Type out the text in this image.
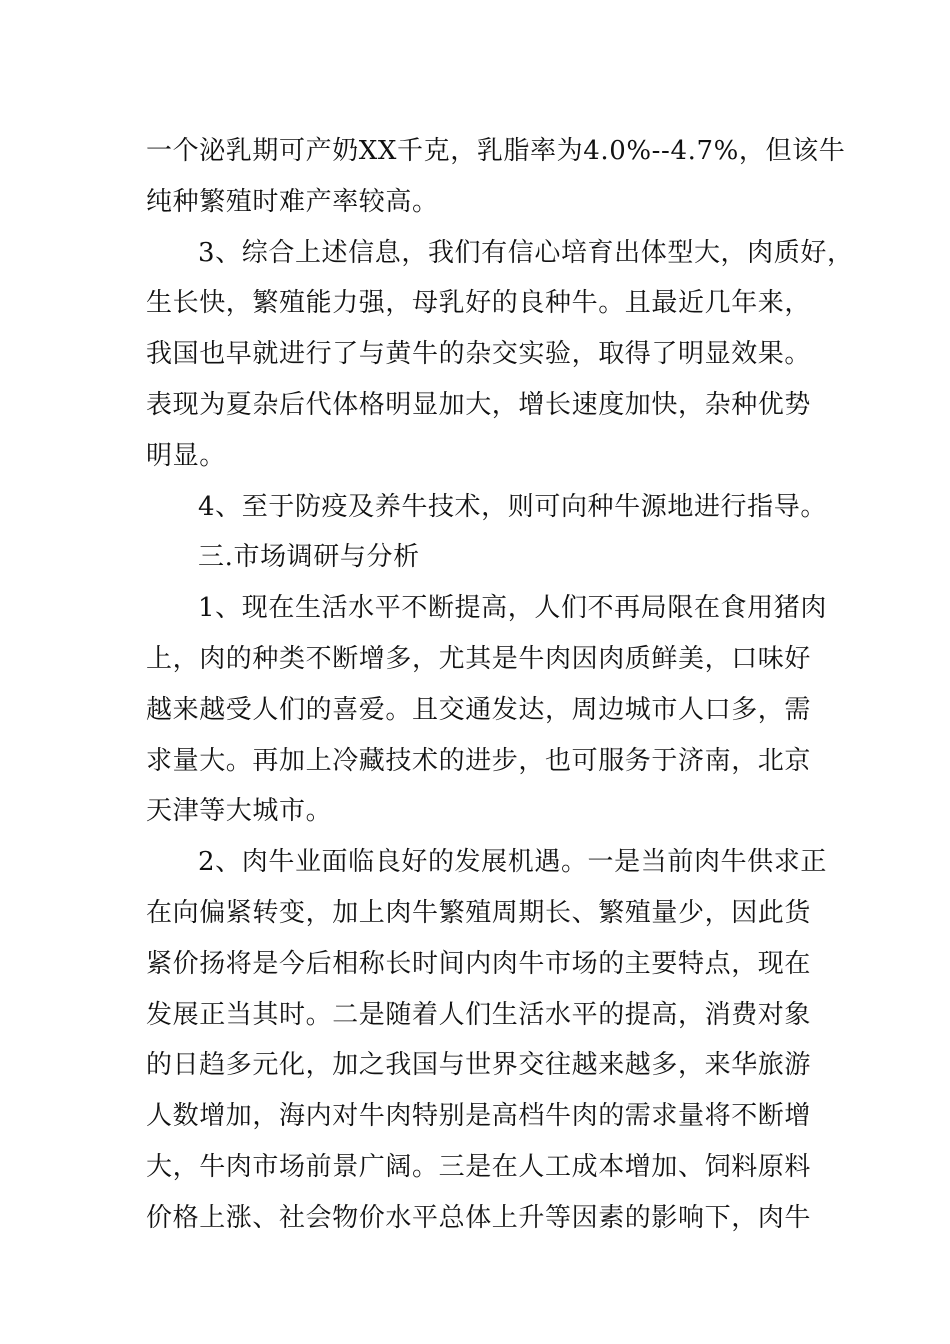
一个泌乳期可产奶XX千克，乳脂率为4.0%--4.7%，但该牛
纯种繁殖时难产率较高。
3、综合上述信息，我们有信心培育出体型大，肉质好，
生长快，繁殖能力强，母乳好的良种牛。且最近几年来，
我国也早就进行了与黄牛的杂交实验，取得了明显效果。
表现为夏杂后代体格明显加大，增长速度加快，杂种优势
明显。
4、至于防疫及养牛技术，则可向种牛源地进行指导。
三.市场调研与分析
1、现在生活水平不断提高，人们不再局限在食用猪肉
上，肉的种类不断增多，尤其是牛肉因肉质鲜美，口味好
越来越受人们的喜爱。且交通发达，周边城市人口多，需
求量大。再加上冷藏技术的进步，也可服务于济南，北京
天津等大城市。
2、肉牛业面临良好的发展机遇。一是当前肉牛供求正
在向偏紧转变，加上肉牛繁殖周期长、繁殖量少，因此货
紧价扬将是今后相称长时间内肉牛市场的主要特点，现在
发展正当其时。二是随着人们生活水平的提高，消费对象
的日趋多元化，加之我国与世界交往越来越多，来华旅游
人数增加，海内对牛肉特别是高档牛肉的需求量将不断增
大，牛肉市场前景广阔。三是在人工成本增加、饲料原料
价格上涨、社会物价水平总体上升等因素的影响下，肉牛
